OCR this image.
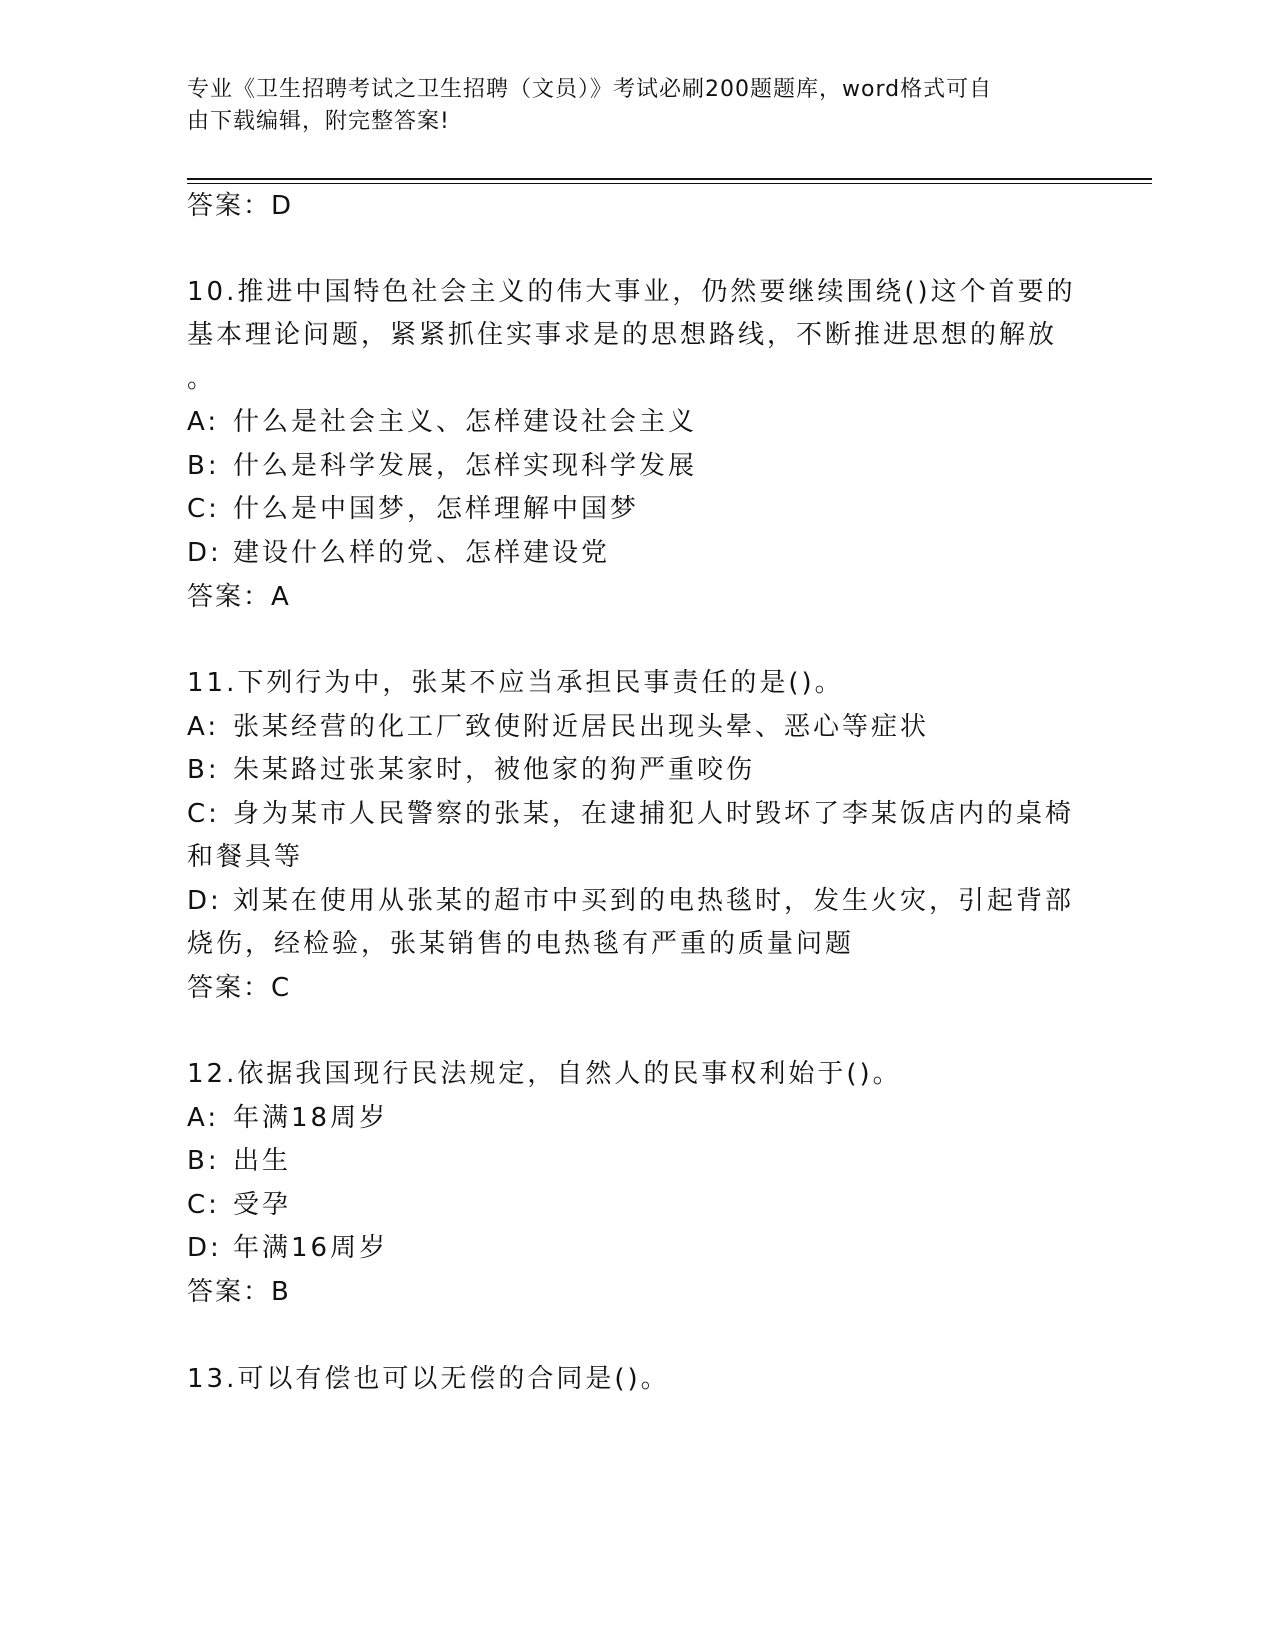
专业《卫生招聘考试之卫生招聘（文员）》考试必刷200题题库，word格式可自
由下载编辑，附完整答案!

答案：D

10.推进中国特色社会主义的伟大事业，仍然要继续围绕()这个首要的

基本理论问题，紧紧抓住实事求是的思想路线，不断推进思想的解放

。

A: 什么是社会主义、怎样建设社会主义

B: 什么是科学发展，怎样实现科学发展

C: 什么是中国梦，怎样理解中国梦

D: 建设什么样的党、怎样建设党

答案：A

11.下列行为中，张某不应当承担民事责任的是()。

A: 张某经营的化工厂致使附近居民出现头晕、恶心等症状

B: 朱某路过张某家时，被他家的狗严重咬伤

C: 身为某市人民警察的张某，在逮捕犯人时毁坏了李某饭店内的桌椅

和餐具等

D: 刘某在使用从张某的超市中买到的电热毯时，发生火灾，引起背部

烧伤，经检验，张某销售的电热毯有严重的质量问题

答案：C

12.依据我国现行民法规定，自然人的民事权利始于()。

A: 年满18周岁

B: 出生

C: 受孕

D: 年满16周岁

答案：B

13.可以有偿也可以无偿的合同是()。
